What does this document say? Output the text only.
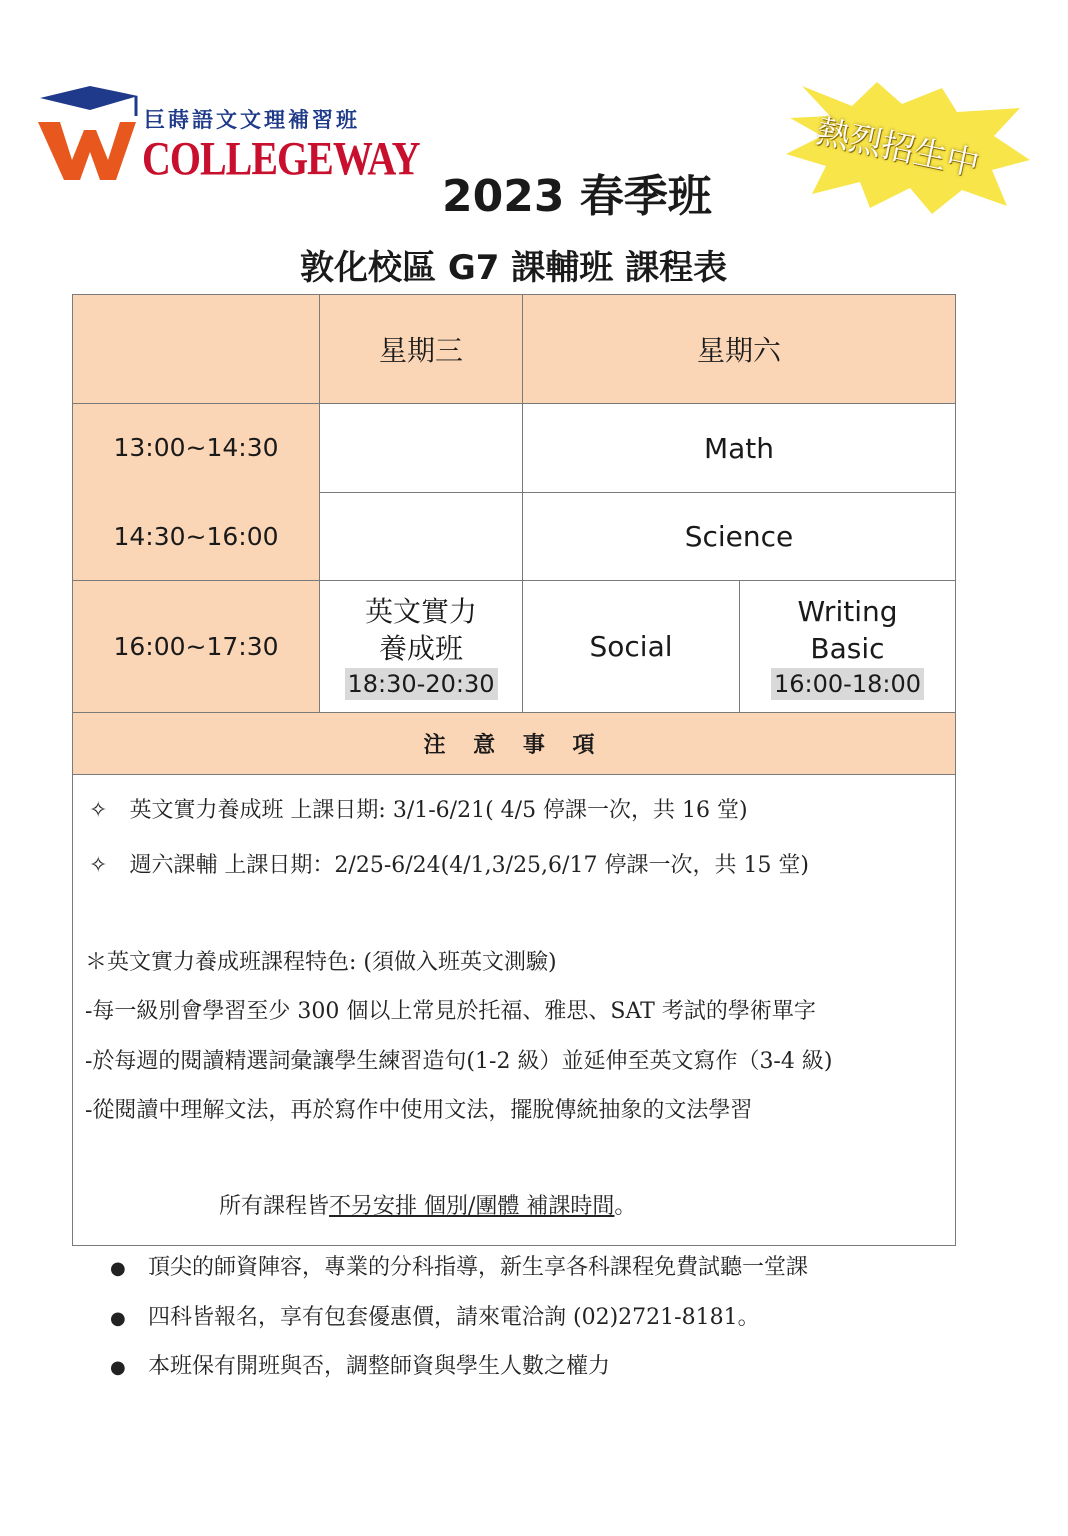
巨蒔語文文理補習班
COLLEGEWAY	熱烈招生中
2023 春季班
敦化校區 G7 課輔班 課程表
星期三	星期六
13:00~14:30
14:30~16:00
Math
Science
16:00~17:30
英文實力
養成班
18:30-20:30
Social
Writing
Basic
16:00-18:00
注 意 事 項
✧ 英文實力養成班 上課日期: 3/1-6/21( 4/5 停課一次，共 16 堂)
✧ 週六課輔 上課日期：2/25-6/24(4/1,3/25,6/17 停課一次，共 15 堂)
＊英文實力養成班課程特色: (須做入班英文測驗)
-每一級別會學習至少 300 個以上常見於托福、雅思、SAT 考試的學術單字
-於每週的閱讀精選詞彙讓學生練習造句(1-2 級）並延伸至英文寫作（3-4 級)
-從閱讀中理解文法，再於寫作中使用文法，擺脫傳統抽象的文法學習
所有課程皆不另安排 個別/團體 補課時間。
● 頂尖的師資陣容，專業的分科指導，新生享各科課程免費試聽一堂課
● 四科皆報名，享有包套優惠價，請來電洽詢 (02)2721-8181。
● 本班保有開班與否，調整師資與學生人數之權力
